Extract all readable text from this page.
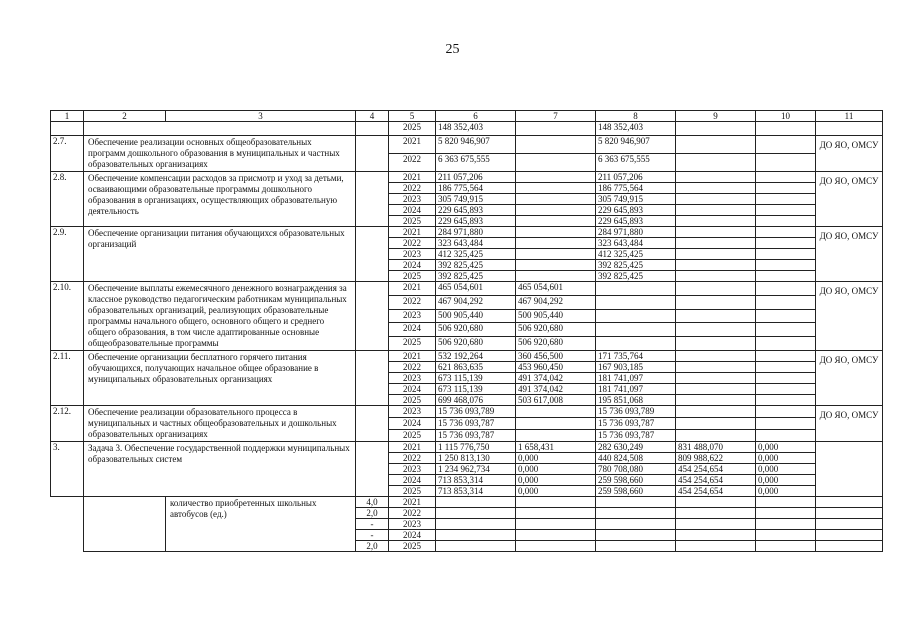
25
1	2	3	4	5	6	7	8	9	10	11
				2025	148 352,403		148 352,403			
2.7.	Обеспечение реализации основных общеобразовательных программ дошкольного образования в муниципальных и частных образовательных организациях			2021	5 820 946,907		5 820 946,907			ДО ЯО, ОМСУ
				2022	6 363 675,555		6 363 675,555			
2.8.	Обеспечение компенсации расходов за присмотр и уход за детьми, осваивающими образовательные программы дошкольного образования в организациях, осуществляющих образовательную деятельность			2021	211 057,206		211 057,206			ДО ЯО, ОМСУ
				2022	186 775,564		186 775,564			
				2023	305 749,915		305 749,915			
				2024	229 645,893		229 645,893			
				2025	229 645,893		229 645,893			
2.9.	Обеспечение организации питания обучающихся образовательных организаций			2021	284 971,880		284 971,880			ДО ЯО, ОМСУ
				2022	323 643,484		323 643,484			
				2023	412 325,425		412 325,425			
				2024	392 825,425		392 825,425			
				2025	392 825,425		392 825,425			
2.10.	Обеспечение выплаты ежемесячного денежного вознаграждения за классное руководство педагогическим работникам муниципальных образовательных организаций, реализующих образовательные программы начального общего, основного общего и среднего общего образования, в том числе адаптированные основные общеобразовательные программы			2021	465 054,601	465 054,601				ДО ЯО, ОМСУ
				2022	467 904,292	467 904,292				
				2023	500 905,440	500 905,440				
				2024	506 920,680	506 920,680				
				2025	506 920,680	506 920,680				
2.11.	Обеспечение организации бесплатного горячего питания обучающихся, получающих начальное общее образование в муниципальных образовательных организациях			2021	532 192,264	360 456,500	171 735,764			ДО ЯО, ОМСУ
				2022	621 863,635	453 960,450	167 903,185			
				2023	673 115,139	491 374,042	181 741,097			
				2024	673 115,139	491 374,042	181 741,097			
				2025	699 468,076	503 617,008	195 851,068			
2.12.	Обеспечение реализации образовательного процесса в муниципальных и частных общеобразовательных и дошкольных образовательных организациях			2023	15 736 093,789		15 736 093,789			ДО ЯО, ОМСУ
				2024	15 736 093,787		15 736 093,787			
				2025	15 736 093,787		15 736 093,787			
3.	Задача 3. Обеспечение государственной поддержки муниципальных образовательных систем			2021	1 115 776,750	1 658,431	282 630,249	831 488,070	0,000	
				2022	1 250 813,130	0,000	440 824,508	809 988,622	0,000	
				2023	1 234 962,734	0,000	780 708,080	454 254,654	0,000	
				2024	713 853,314	0,000	259 598,660	454 254,654	0,000	
				2025	713 853,314	0,000	259 598,660	454 254,654	0,000	
		количество приобретенных школьных автобусов (ед.)	4,0	2021						
			2,0	2022						
			-	2023						
			-	2024						
			2,0	2025						
